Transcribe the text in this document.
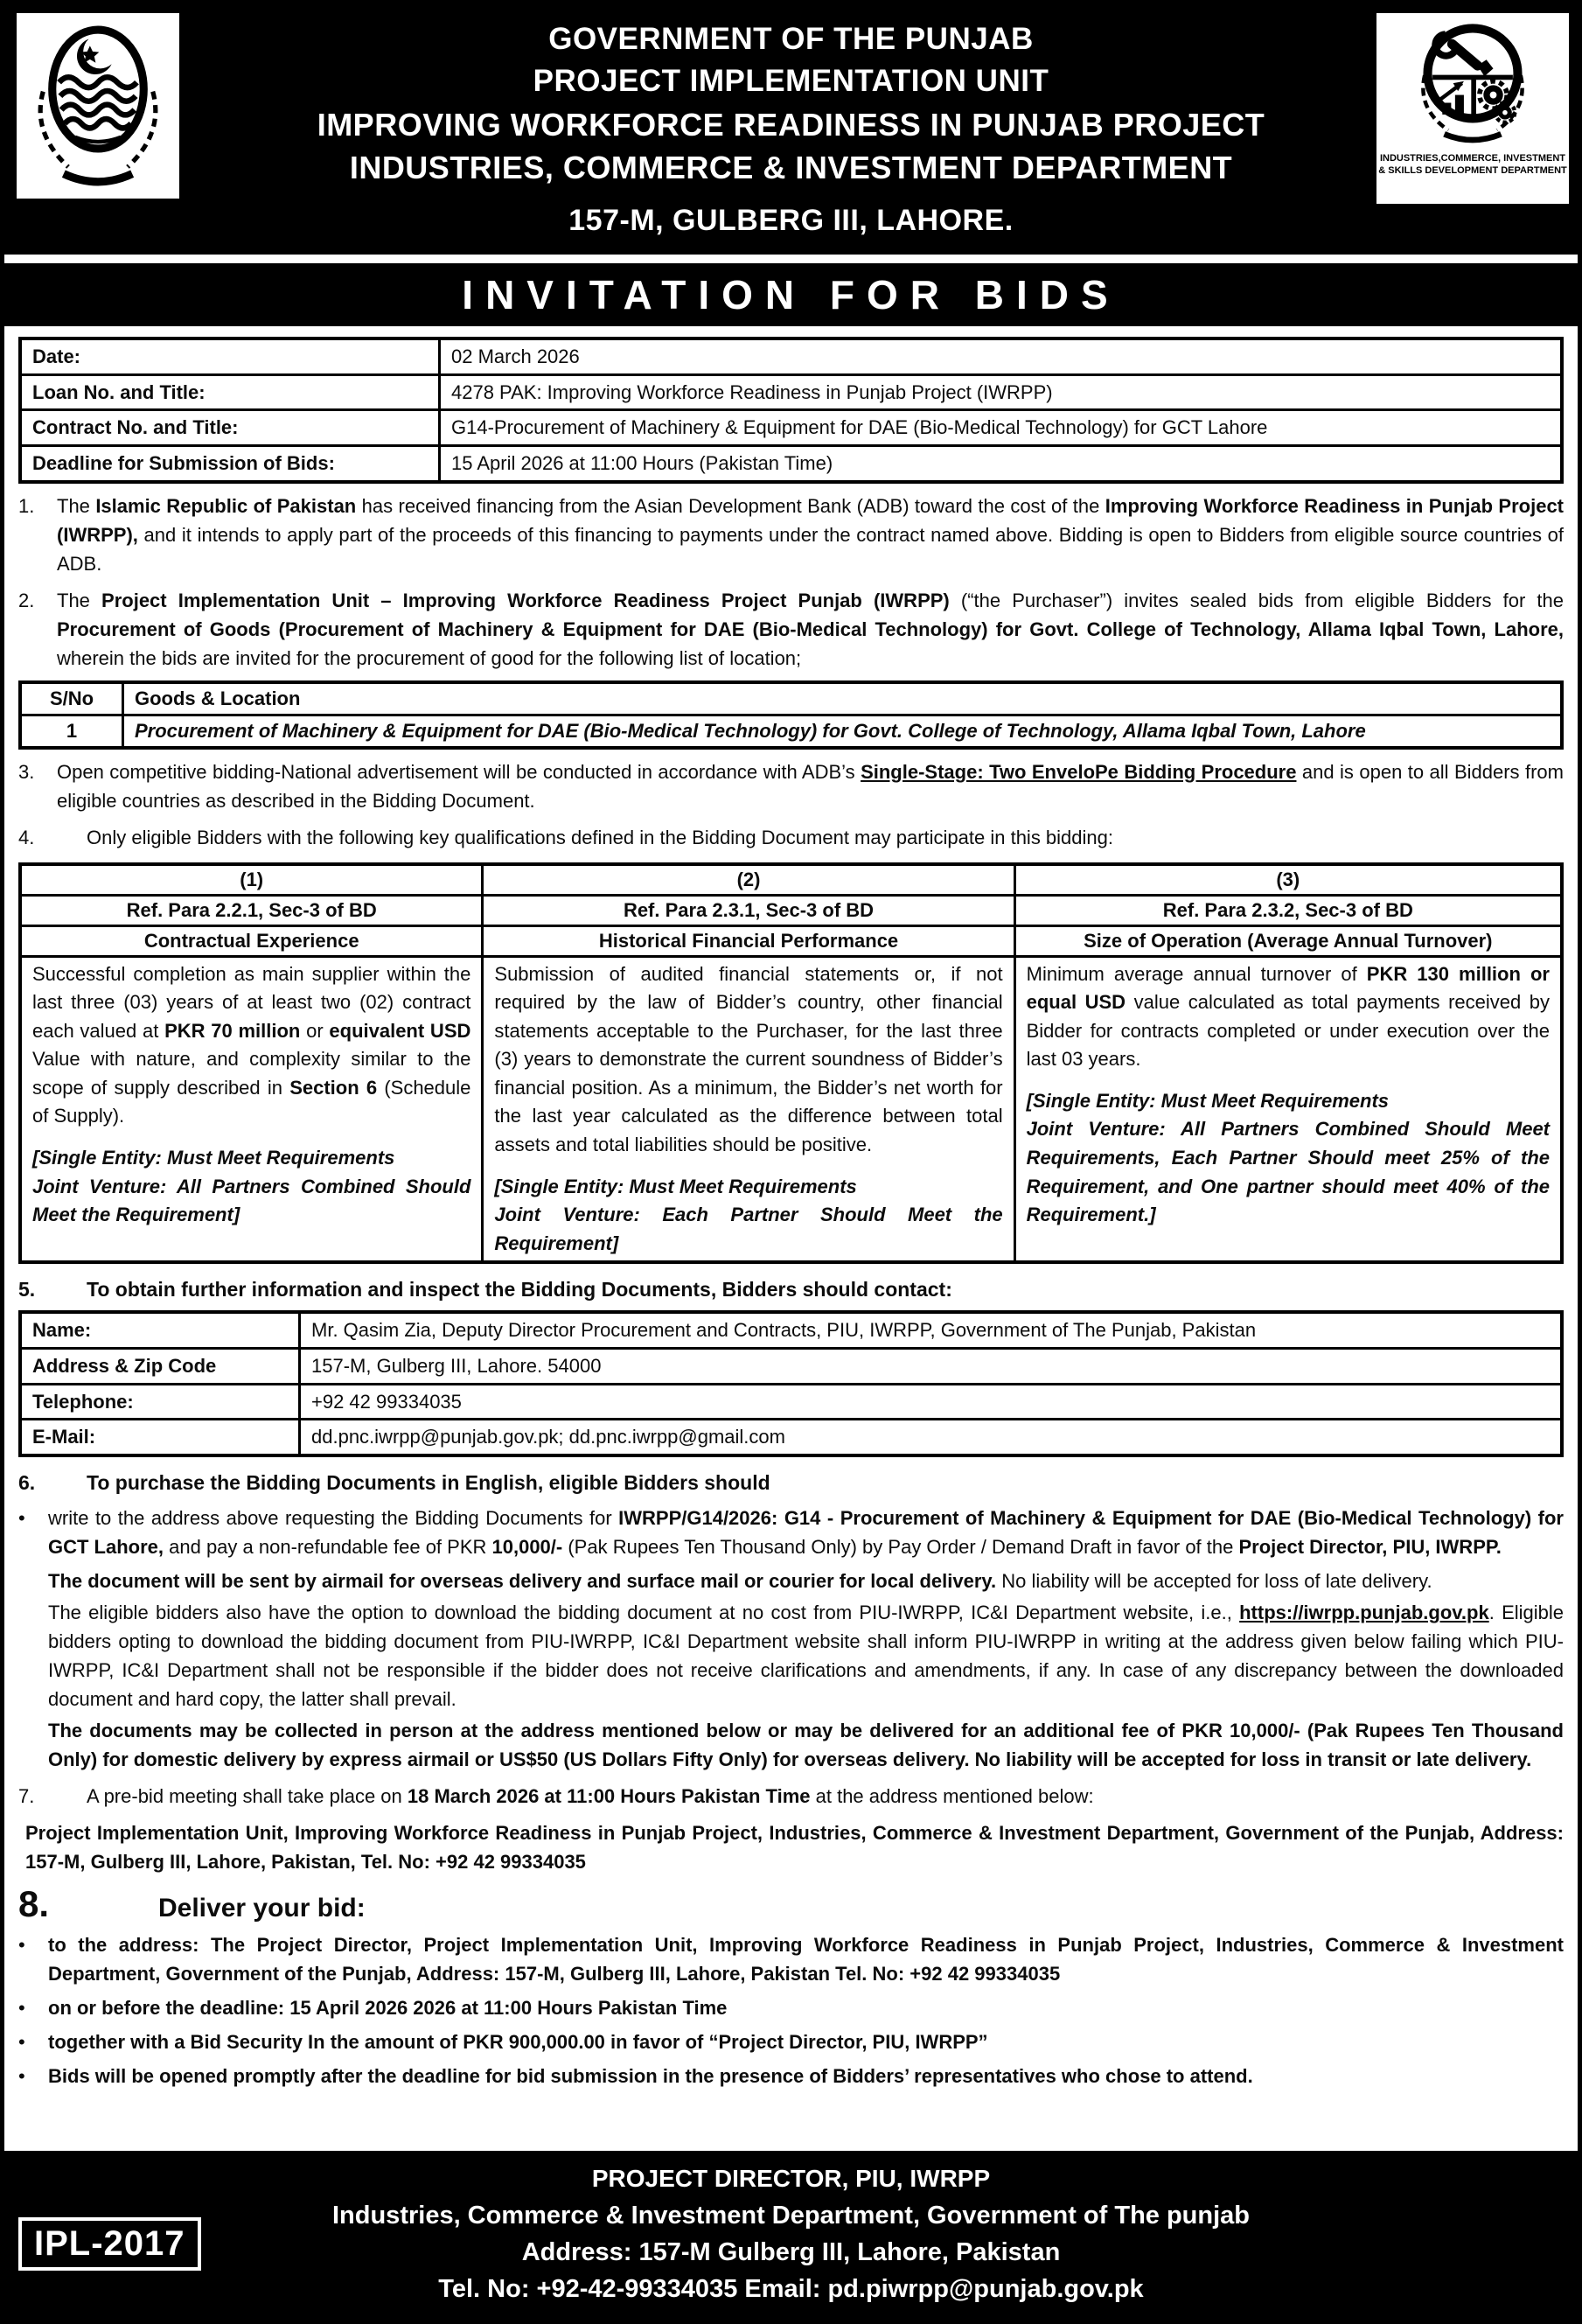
GOVERNMENT OF THE PUNJAB
PROJECT IMPLEMENTATION UNIT
IMPROVING WORKFORCE READINESS IN PUNJAB PROJECT
INDUSTRIES, COMMERCE & INVESTMENT DEPARTMENT
157-M, GULBERG III, LAHORE.
INDUSTRIES,COMMERCE, INVESTMENT
& SKILLS DEVELOPMENT DEPARTMENT
INVITATION FOR BIDS
Date:	02 March 2026
Loan No. and Title:	4278 PAK: Improving Workforce Readiness in Punjab Project (IWRPP)
Contract No. and Title:	G14-Procurement of Machinery & Equipment for DAE (Bio-Medical Technology) for GCT Lahore
Deadline for Submission of Bids:	15 April 2026 at 11:00 Hours (Pakistan Time)
1.	The Islamic Republic of Pakistan has received financing from the Asian Development Bank (ADB) toward the cost of the Improving Workforce Readiness in Punjab Project (IWRPP), and it intends to apply part of the proceeds of this financing to payments under the contract named above. Bidding is open to Bidders from eligible source countries of ADB.
2.	The Project Implementation Unit – Improving Workforce Readiness Project Punjab (IWRPP) (“the Purchaser”) invites sealed bids from eligible Bidders for the Procurement of Goods (Procurement of Machinery & Equipment for DAE (Bio-Medical Technology) for Govt. College of Technology, Allama Iqbal Town, Lahore, wherein the bids are invited for the procurement of good for the following list of location;
S/No	Goods & Location
1	Procurement of Machinery & Equipment for DAE (Bio-Medical Technology) for Govt. College of Technology, Allama Iqbal Town, Lahore
3.	Open competitive bidding-National advertisement will be conducted in accordance with ADB’s Single-Stage: Two EnveloPe Bidding Procedure and is open to all Bidders from eligible countries as described in the Bidding Document.
4.	Only eligible Bidders with the following key qualifications defined in the Bidding Document may participate in this bidding:
(1)	(2)	(3)
Ref. Para 2.2.1, Sec-3 of BD	Ref. Para 2.3.1, Sec-3 of BD	Ref. Para 2.3.2, Sec-3 of BD
Contractual Experience	Historical Financial Performance	Size of Operation (Average Annual Turnover)

Successful completion as main supplier within the last three (03) years of at least two (02) contract each valued at PKR 70 million or equivalent USD Value with nature, and complexity similar to the scope of supply described in Section 6 (Schedule of Supply).
[Single Entity: Must Meet Requirements
Joint Venture: All Partners Combined Should Meet the Requirement]

Submission of audited financial statements or, if not required by the law of Bidder’s country, other financial statements acceptable to the Purchaser, for the last three (3) years to demonstrate the current soundness of Bidder’s financial position. As a minimum, the Bidder’s net worth for the last year calculated as the difference between total assets and total liabilities should be positive.
[Single Entity: Must Meet Requirements
Joint Venture: Each Partner Should Meet the Requirement]

Minimum average annual turnover of PKR 130 million or equal USD value calculated as total payments received by Bidder for contracts completed or under execution over the last 03 years.
[Single Entity: Must Meet Requirements
Joint Venture: All Partners Combined Should Meet Requirements, Each Partner Should meet 25% of the Requirement, and One partner should meet 40% of the Requirement.]
5.	To obtain further information and inspect the Bidding Documents, Bidders should contact:
Name:	Mr. Qasim Zia, Deputy Director Procurement and Contracts, PIU, IWRPP, Government of The Punjab, Pakistan
Address & Zip Code	157-M, Gulberg III, Lahore. 54000
Telephone:	+92 42 99334035
E-Mail:	dd.pnc.iwrpp@punjab.gov.pk; dd.pnc.iwrpp@gmail.com
6.	To purchase the Bidding Documents in English, eligible Bidders should
•	write to the address above requesting the Bidding Documents for IWRPP/G14/2026: G14 - Procurement of Machinery & Equipment for DAE (Bio-Medical Technology) for GCT Lahore, and pay a non-refundable fee of PKR 10,000/- (Pak Rupees Ten Thousand Only) by Pay Order / Demand Draft in favor of the Project Director, PIU, IWRPP.
The document will be sent by airmail for overseas delivery and surface mail or courier for local delivery. No liability will be accepted for loss of late delivery.
The eligible bidders also have the option to download the bidding document at no cost from PIU-IWRPP, IC&I Department website, i.e., https://iwrpp.punjab.gov.pk. Eligible bidders opting to download the bidding document from PIU-IWRPP, IC&I Department website shall inform PIU-IWRPP in writing at the address given below failing which PIU-IWRPP, IC&I Department shall not be responsible if the bidder does not receive clarifications and amendments, if any. In case of any discrepancy between the downloaded document and hard copy, the latter shall prevail.
The documents may be collected in person at the address mentioned below or may be delivered for an additional fee of PKR 10,000/- (Pak Rupees Ten Thousand Only) for domestic delivery by express airmail or US$50 (US Dollars Fifty Only) for overseas delivery. No liability will be accepted for loss in transit or late delivery.
7.	A pre-bid meeting shall take place on 18 March 2026 at 11:00 Hours Pakistan Time at the address mentioned below:
Project Implementation Unit, Improving Workforce Readiness in Punjab Project, Industries, Commerce & Investment Department, Government of the Punjab, Address: 157-M, Gulberg III, Lahore, Pakistan, Tel. No: +92 42 99334035
8.	Deliver your bid:
•	to the address: The Project Director, Project Implementation Unit, Improving Workforce Readiness in Punjab Project, Industries, Commerce & Investment Department, Government of the Punjab, Address: 157-M, Gulberg III, Lahore, Pakistan Tel. No: +92 42 99334035
•	on or before the deadline: 15 April 2026 2026 at 11:00 Hours Pakistan Time
•	together with a Bid Security In the amount of PKR 900,000.00 in favor of “Project Director, PIU, IWRPP”
•	Bids will be opened promptly after the deadline for bid submission in the presence of Bidders’ representatives who chose to attend.
IPL-2017
PROJECT DIRECTOR, PIU, IWRPP
Industries, Commerce & Investment Department, Government of The punjab
Address: 157-M Gulberg III, Lahore, Pakistan
Tel. No: +92-42-99334035 Email: pd.piwrpp@punjab.gov.pk
